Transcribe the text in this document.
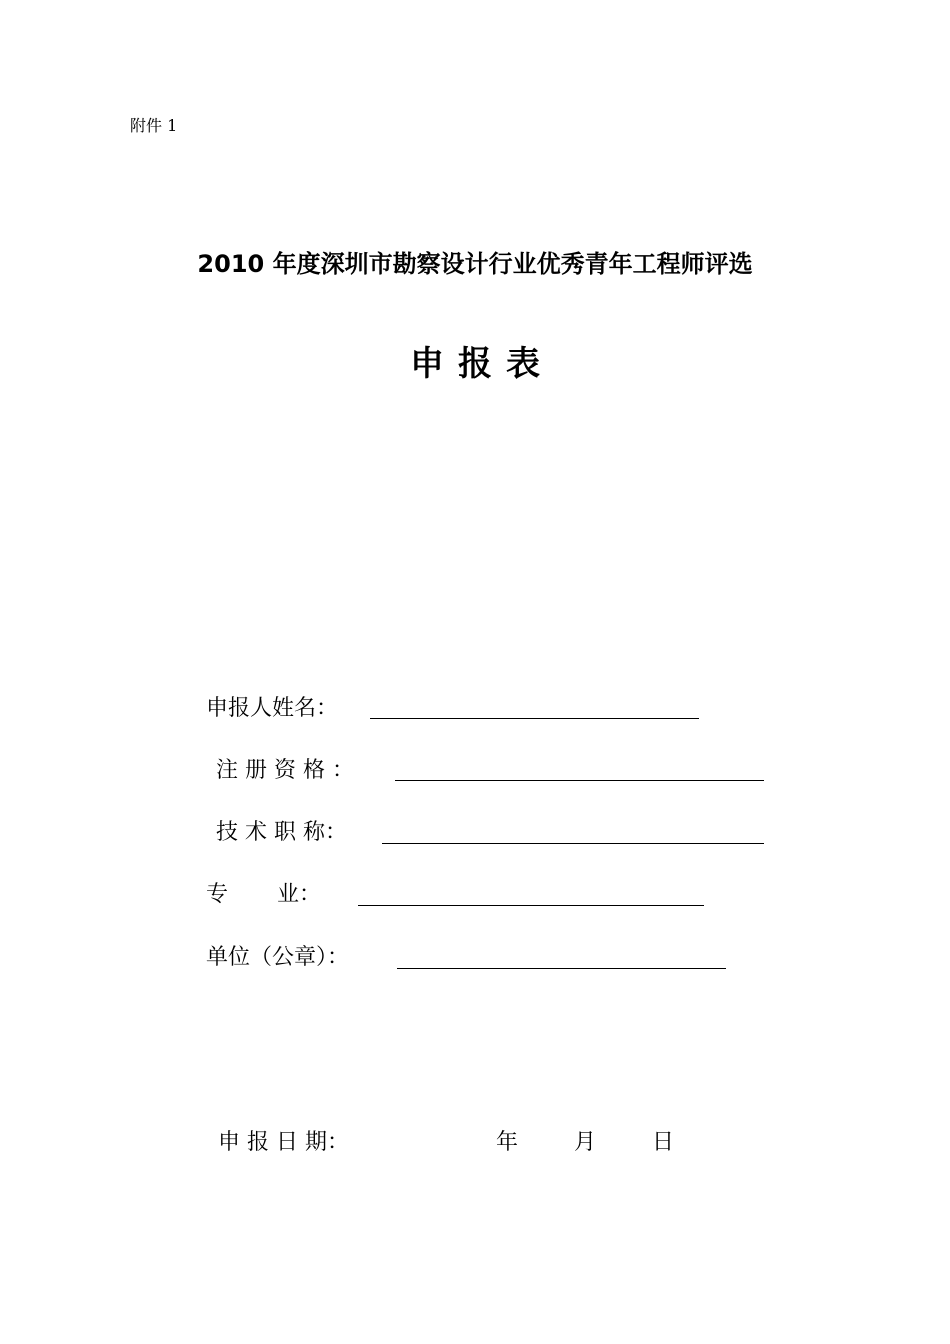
附件 1
2010 年度深圳市勘察设计行业优秀青年工程师评选
申报表
申报人姓名：
注 册 资 格 ：
技 术 职 称：
专       业：
单位（公章）：
申 报 日 期：	年	月	日
